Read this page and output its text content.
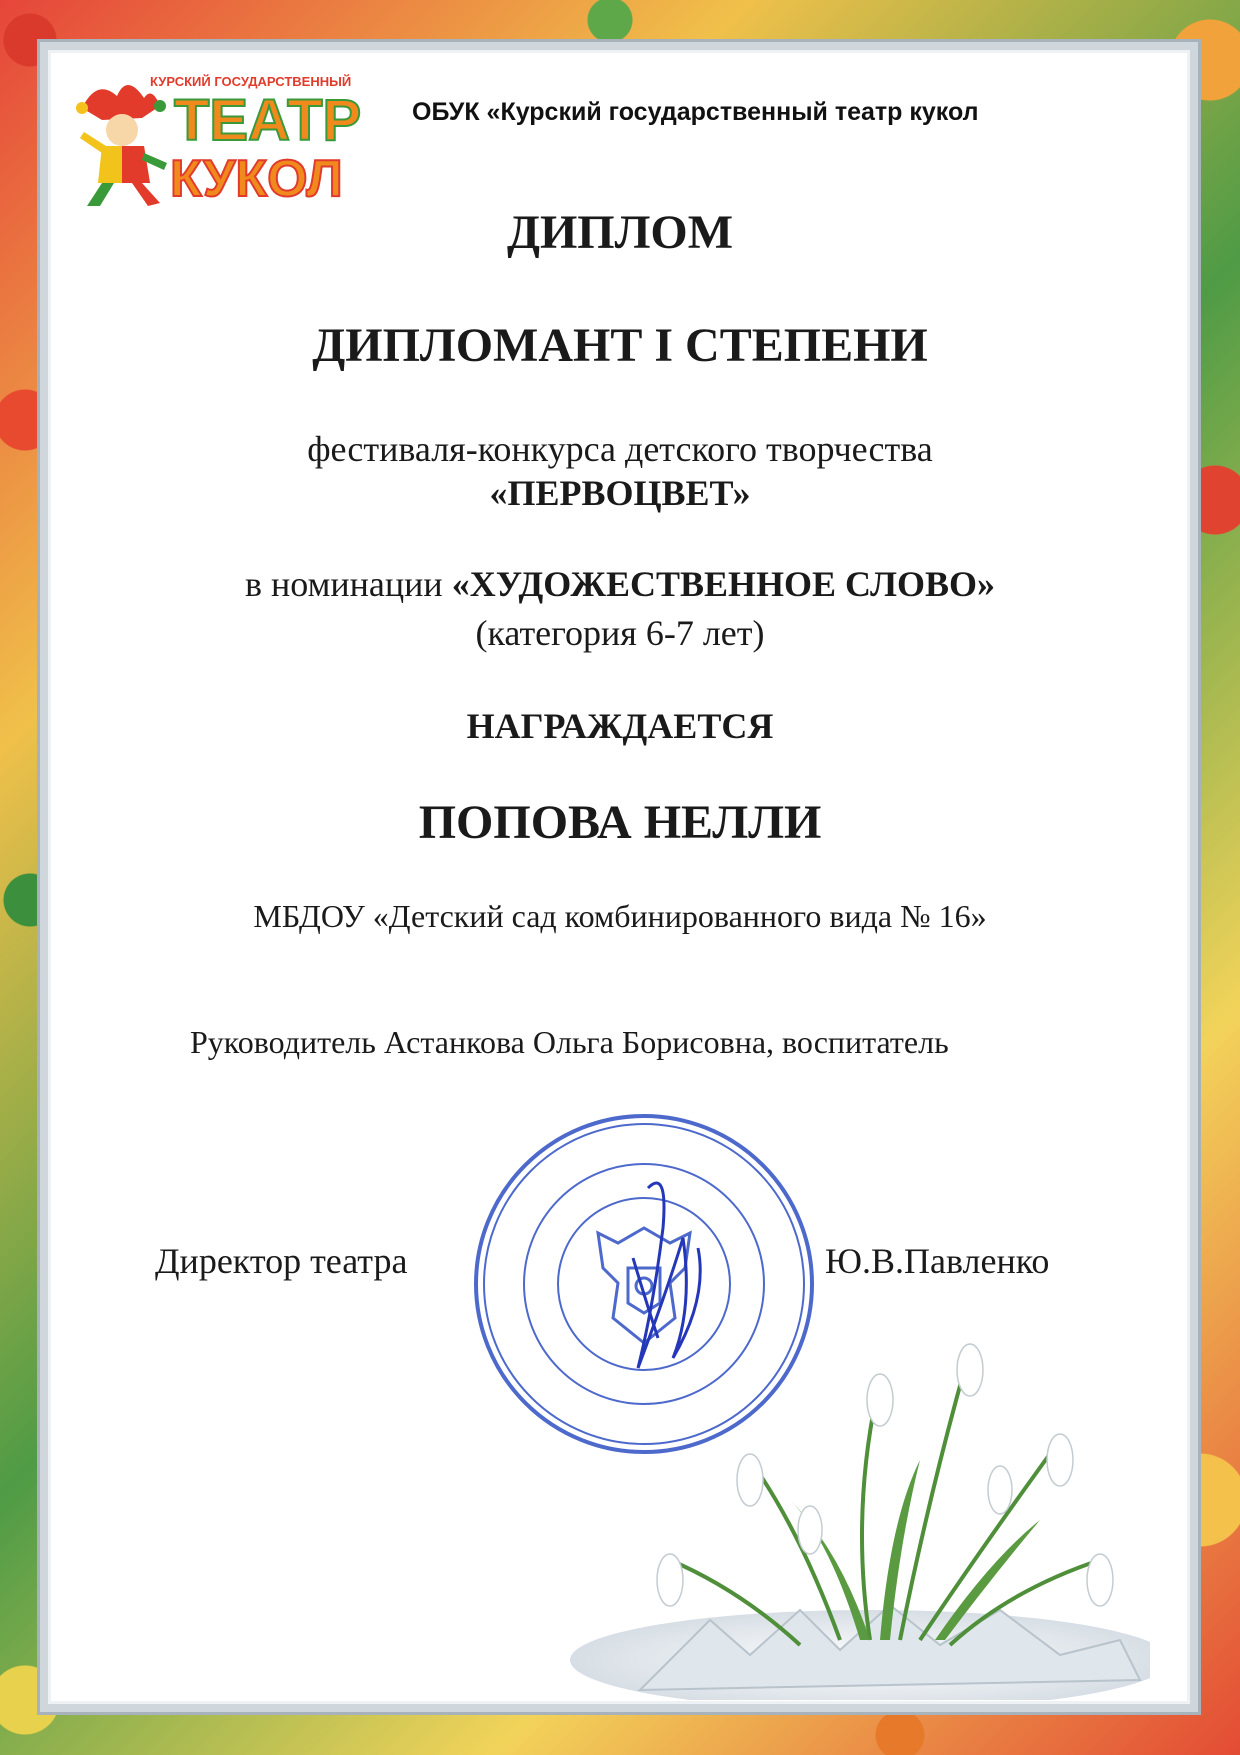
КУРСКИЙ ГОСУДАРСТВЕННЫЙ
ТЕАТР
КУКОЛ
ОБУК «Курский государственный театр кукол
ДИПЛОМ
ДИПЛОМАНТ I СТЕПЕНИ
фестиваля-конкурса детского творчества
«ПЕРВОЦВЕТ»
в номинации «ХУДОЖЕСТВЕННОЕ СЛОВО»
(категория 6-7 лет)
НАГРАЖДАЕТСЯ
ПОПОВА НЕЛЛИ
МБДОУ «Детский сад комбинированного вида № 16»
Руководитель Астанкова Ольга Борисовна, воспитатель
Директор театра	Ю.В.Павленко
